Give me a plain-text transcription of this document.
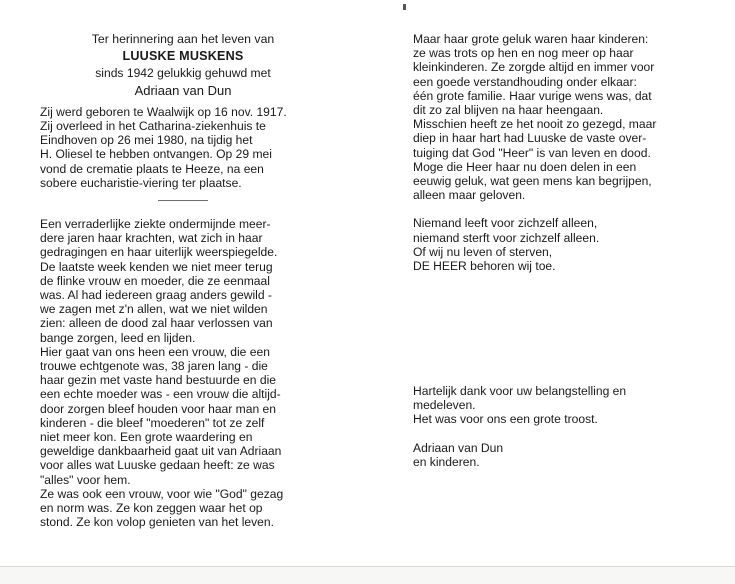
Ter herinnering aan het leven van
LUUSKE MUSKENS
sinds 1942 gelukkig gehuwd met
Adriaan van Dun
Zij werd geboren te Waalwijk op 16 nov. 1917.
Zij overleed in het Catharina-ziekenhuis te
Eindhoven op 26 mei 1980, na tijdig het
H. Oliesel te hebben ontvangen. Op 29 mei
vond de crematie plaats te Heeze, na een
sobere eucharistie-viering ter plaatse.
Een verraderlijke ziekte ondermijnde meer-
dere jaren haar krachten, wat zich in haar
gedragingen en haar uiterlijk weerspiegelde.
De laatste week kenden we niet meer terug
de flinke vrouw en moeder, die ze eenmaal
was. Al had iedereen graag anders gewild -
we zagen met z'n allen, wat we niet wilden
zien: alleen de dood zal haar verlossen van
bange zorgen, leed en lijden.
Hier gaat van ons heen een vrouw, die een
trouwe echtgenote was, 38 jaren lang - die
haar gezin met vaste hand bestuurde en die
een echte moeder was - een vrouw die altijd-
door zorgen bleef houden voor haar man en
kinderen - die bleef "moederen" tot ze zelf
niet meer kon. Een grote waardering en
geweldige dankbaarheid gaat uit van Adriaan
voor alles wat Luuske gedaan heeft: ze was
"alles" voor hem.
Ze was ook een vrouw, voor wie "God" gezag
en norm was. Ze kon zeggen waar het op
stond. Ze kon volop genieten van het leven.
Maar haar grote geluk waren haar kinderen:
ze was trots op hen en nog meer op haar
kleinkinderen. Ze zorgde altijd en immer voor
een goede verstandhouding onder elkaar:
één grote familie. Haar vurige wens was, dat
dit zo zal blijven na haar heengaan.
Misschien heeft ze het nooit zo gezegd, maar
diep in haar hart had Luuske de vaste over-
tuiging dat God "Heer" is van leven en dood.
Moge die Heer haar nu doen delen in een
eeuwig geluk, wat geen mens kan begrijpen,
alleen maar geloven.
Niemand leeft voor zichzelf alleen,
niemand sterft voor zichzelf alleen.
Of wij nu leven of sterven,
DE HEER behoren wij toe.
Hartelijk dank voor uw belangstelling en
medeleven.
Het was voor ons een grote troost.
Adriaan van Dun
en kinderen.
